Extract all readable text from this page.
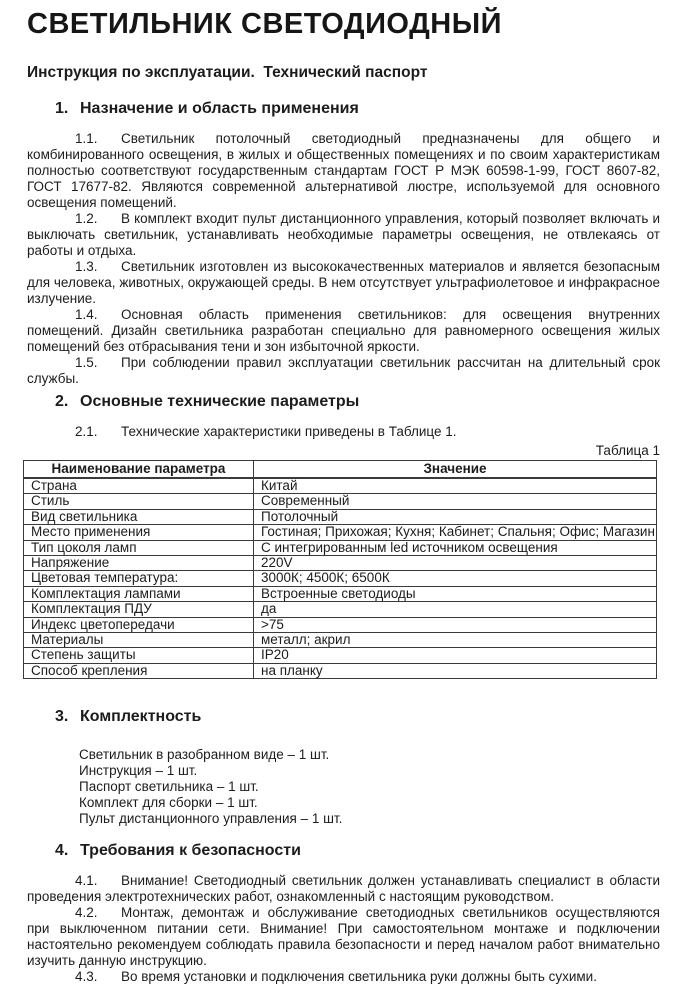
СВЕТИЛЬНИК СВЕТОДИОДНЫЙ

Инструкция по эксплуатации.  Технический паспорт

1. Назначение и область применения

1.1. Светильник потолочный светодиодный предназначены для общего и комбинированного освещения, в жилых и общественных помещениях и по своим характеристикам полностью соответствуют государственным стандартам ГОСТ Р МЭК 60598-1-99, ГОСТ 8607-82, ГОСТ 17677-82. Являются современной альтернативой люстре, используемой для основного освещения помещений.

1.2. В комплект входит пульт дистанционного управления, который позволяет включать и выключать светильник, устанавливать необходимые параметры освещения, не отвлекаясь от работы и отдыха.

1.3. Светильник изготовлен из высококачественных материалов и является безопасным для человека, животных, окружающей среды. В нем отсутствует ультрафиолетовое и инфракрасное излучение.

1.4. Основная область применения светильников: для освещения внутренних помещений. Дизайн светильника разработан специально для равномерного освещения жилых помещений без отбрасывания тени и зон избыточной яркости.

1.5. При соблюдении правил эксплуатации светильник рассчитан на длительный срок службы.

2. Основные технические параметры

2.1. Технические характеристики приведены в Таблице 1.

Таблица 1

Наименование параметра	Значение
Страна	Китай
Стиль	Современный
Вид светильника	Потолочный
Место применения	Гостиная; Прихожая; Кухня; Кабинет; Спальня; Офис; Магазин
Тип цоколя ламп	С интегрированным led источником освещения
Напряжение	220V
Цветовая температура:	3000К; 4500К; 6500К
Комплектация лампами	Встроенные светодиоды
Комплектация ПДУ	да
Индекс цветопередачи	>75
Материалы	металл; акрил
Степень защиты	IP20
Способ крепления	на планку
3. Комплектность
Светильник в разобранном виде – 1 шт.
Инструкция – 1 шт.
Паспорт светильника – 1 шт.
Комплект для сборки – 1 шт.
Пульт дистанционного управления – 1 шт.
4. Требования к безопасности

4.1. Внимание! Светодиодный светильник должен устанавливать специалист в области проведения электротехнических работ, ознакомленный с настоящим руководством.

4.2. Монтаж, демонтаж и обслуживание светодиодных светильников осуществляются при выключенном питании сети. Внимание! При самостоятельном монтаже и подключении настоятельно рекомендуем соблюдать правила безопасности и перед началом работ внимательно изучить данную инструкцию.

4.3. Во время установки и подключения светильника руки должны быть сухими.
